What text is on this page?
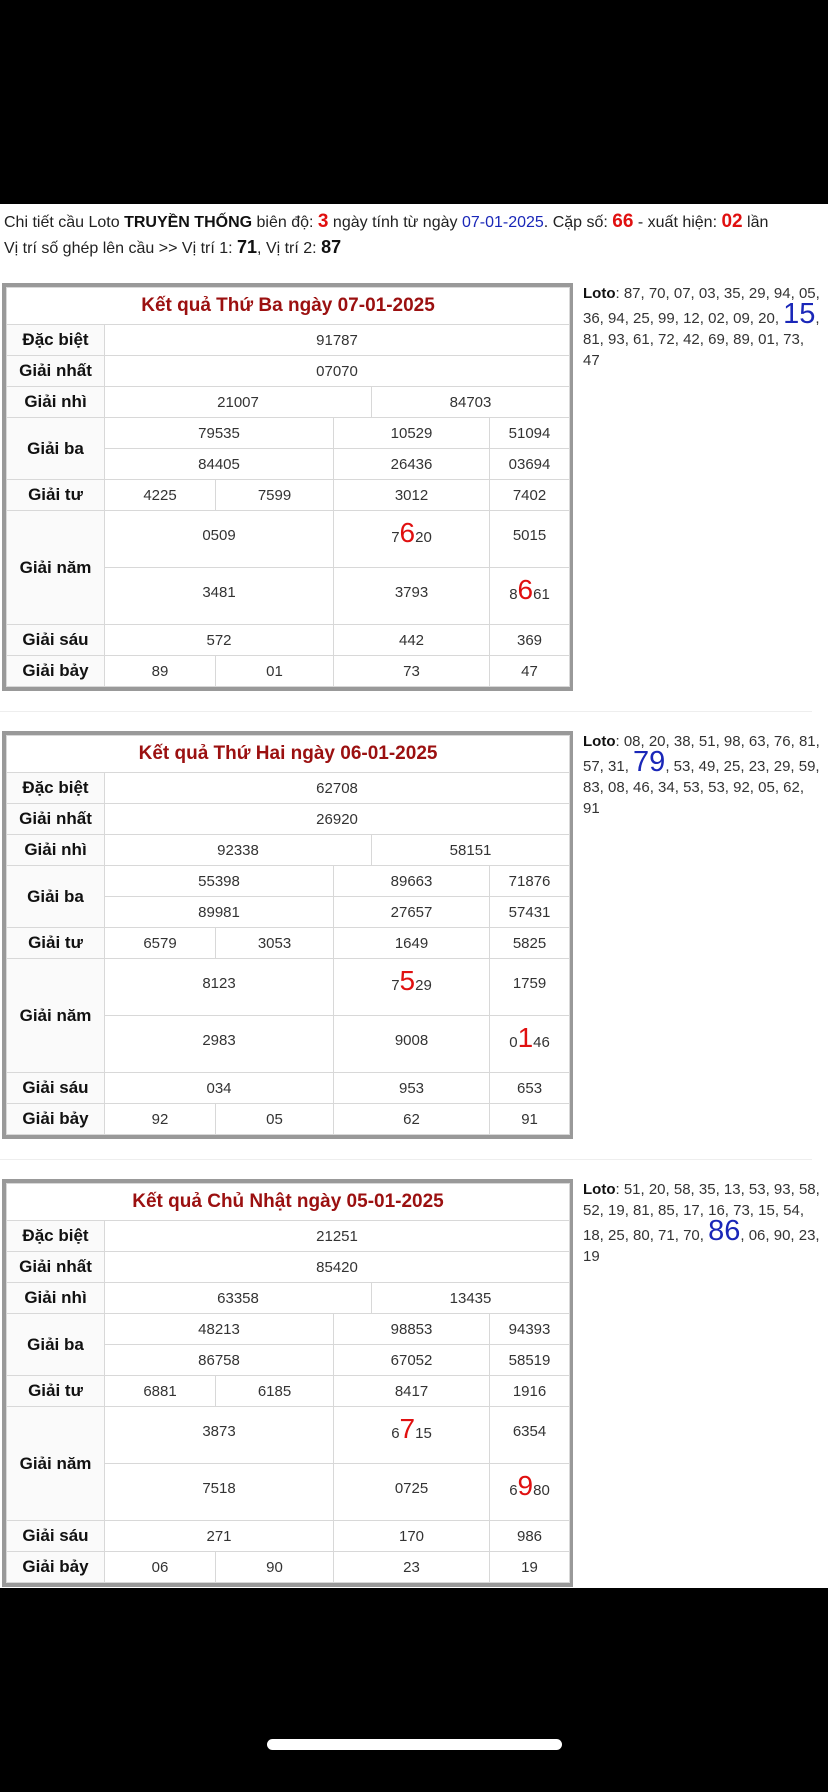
Chi tiết cầu Loto TRUYỀN THỐNG biên độ: 3 ngày tính từ ngày 07-01-2025. Cặp số: 66 - xuất hiện: 02 lần
Vị trí số ghép lên cầu >> Vị trí 1: 71, Vị trí 2: 87
Kết quả Thứ Ba ngày 07-01-2025					
Đặc biệt	91787				
Giải nhất	07070				
Giải nhì	21007			84703	
Giải ba	79535		10529		51094
	84405		26436		03694
Giải tư	4225	7599	3012		7402
Giải năm	0509		7620		5015
	3481		3793		8661
Giải sáu	572		442		369
Giải bảy	89	01	73		47
Loto: 87, 70, 07, 03, 35, 29, 94, 05, 36, 94, 25, 99, 12, 02, 09, 20, 15, 81, 93, 61, 72, 42, 69, 89, 01, 73, 47
Kết quả Thứ Hai ngày 06-01-2025					
Đặc biệt	62708				
Giải nhất	26920				
Giải nhì	92338			58151	
Giải ba	55398		89663		71876
	89981		27657		57431
Giải tư	6579	3053	1649		5825
Giải năm	8123		7529		1759
	2983		9008		0146
Giải sáu	034		953		653
Giải bảy	92	05	62		91
Loto: 08, 20, 38, 51, 98, 63, 76, 81, 57, 31, 79, 53, 49, 25, 23, 29, 59, 83, 08, 46, 34, 53, 53, 92, 05, 62, 91
Kết quả Chủ Nhật ngày 05-01-2025					
Đặc biệt	21251				
Giải nhất	85420				
Giải nhì	63358			13435	
Giải ba	48213		98853		94393
	86758		67052		58519
Giải tư	6881	6185	8417		1916
Giải năm	3873		6715		6354
	7518		0725		6980
Giải sáu	271		170		986
Giải bảy	06	90	23		19
Loto: 51, 20, 58, 35, 13, 53, 93, 58, 52, 19, 81, 85, 17, 16, 73, 15, 54, 18, 25, 80, 71, 70, 86, 06, 90, 23, 19
